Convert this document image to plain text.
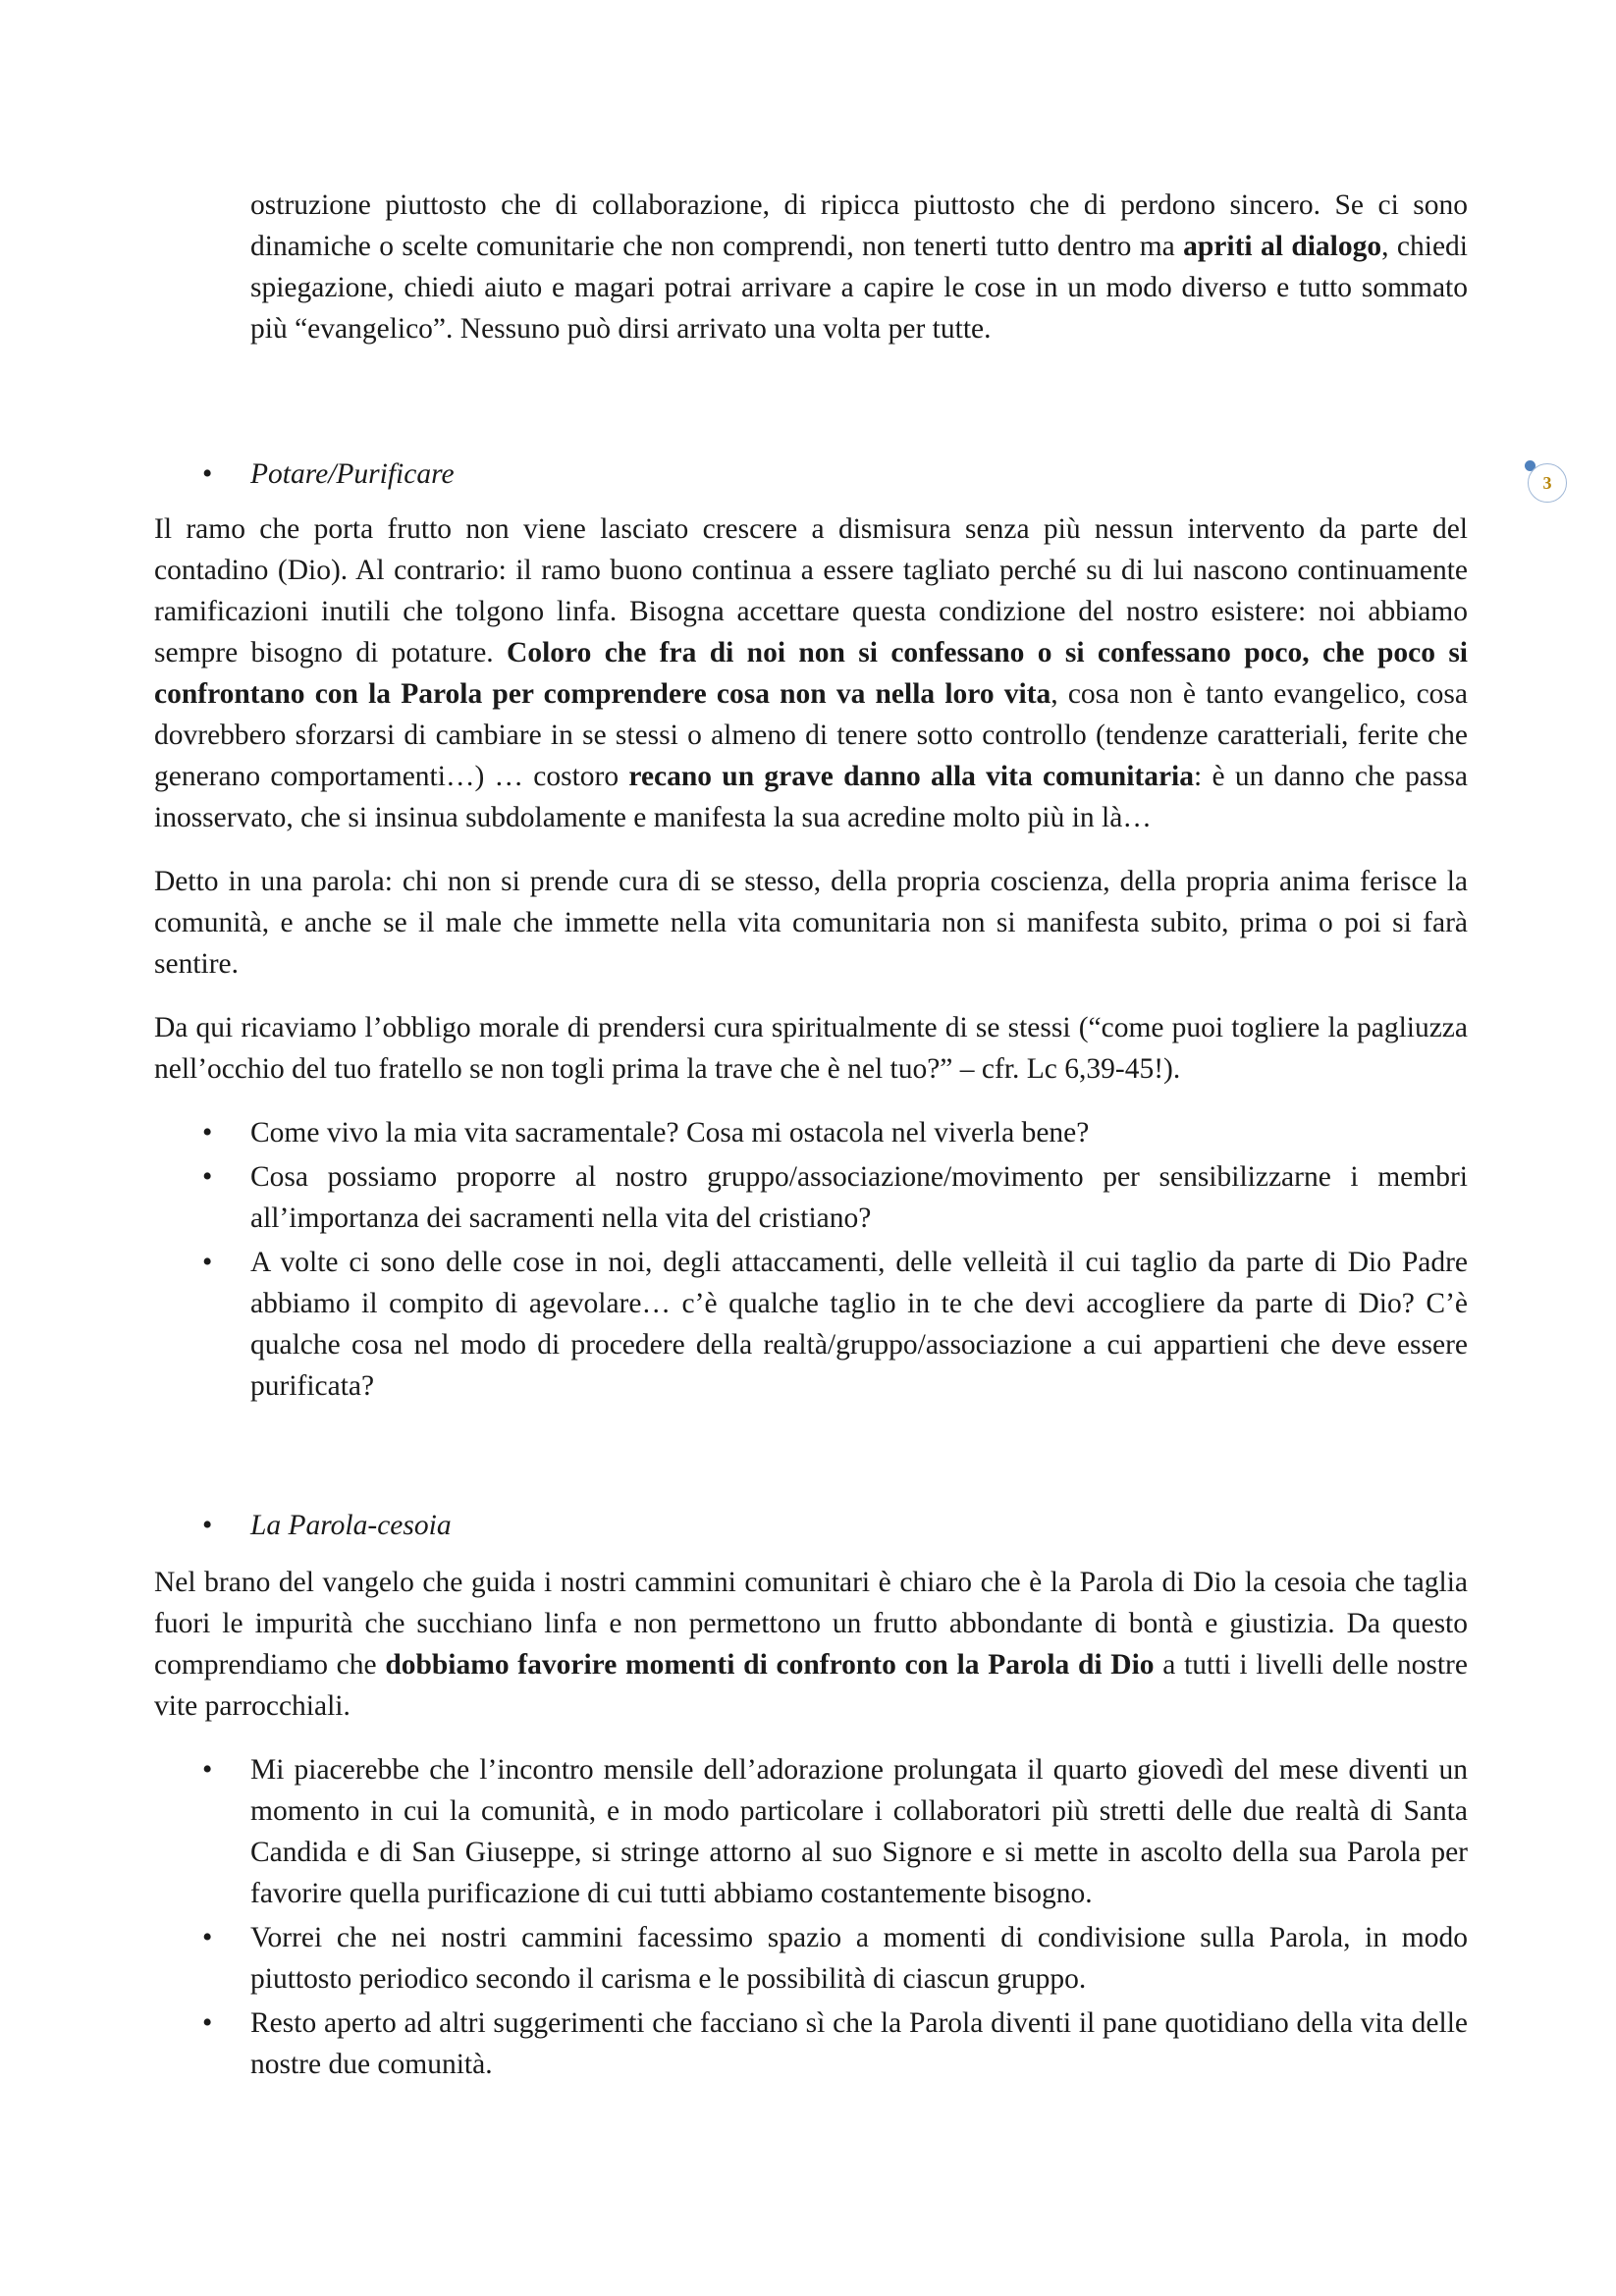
3

ostruzione piuttosto che di collaborazione, di ripicca piuttosto che di perdono sincero. Se ci sono dinamiche o scelte comunitarie che non comprendi, non tenerti tutto dentro ma apriti al dialogo, chiedi spiegazione, chiedi aiuto e magari potrai arrivare a capire le cose in un modo diverso e tutto sommato più “evangelico”. Nessuno può dirsi arrivato una volta per tutte.

• Potare/Purificare

Il ramo che porta frutto non viene lasciato crescere a dismisura senza più nessun intervento da parte del contadino (Dio). Al contrario: il ramo buono continua a essere tagliato perché su di lui nascono continuamente ramificazioni inutili che tolgono linfa. Bisogna accettare questa condizione del nostro esistere: noi abbiamo sempre bisogno di potature. Coloro che fra di noi non si confessano o si confessano poco, che poco si confrontano con la Parola per comprendere cosa non va nella loro vita, cosa non è tanto evangelico, cosa dovrebbero sforzarsi di cambiare in se stessi o almeno di tenere sotto controllo (tendenze caratteriali, ferite che generano comportamenti…) … costoro recano un grave danno alla vita comunitaria: è un danno che passa inosservato, che si insinua subdolamente e manifesta la sua acredine molto più in là…

Detto in una parola: chi non si prende cura di se stesso, della propria coscienza, della propria anima ferisce la comunità, e anche se il male che immette nella vita comunitaria non si manifesta subito, prima o poi si farà sentire.

Da qui ricaviamo l’obbligo morale di prendersi cura spiritualmente di se stessi (“come puoi togliere la pagliuzza nell’occhio del tuo fratello se non togli prima la trave che è nel tuo?” – cfr. Lc 6,39-45!).

• Come vivo la mia vita sacramentale? Cosa mi ostacola nel viverla bene?
• Cosa possiamo proporre al nostro gruppo/associazione/movimento per sensibilizzarne i membri all’importanza dei sacramenti nella vita del cristiano?
• A volte ci sono delle cose in noi, degli attaccamenti, delle velleità il cui taglio da parte di Dio Padre abbiamo il compito di agevolare… c’è qualche taglio in te che devi accogliere da parte di Dio? C’è qualche cosa nel modo di procedere della realtà/gruppo/associazione a cui appartieni che deve essere purificata?

• La Parola-cesoia

Nel brano del vangelo che guida i nostri cammini comunitari è chiaro che è la Parola di Dio la cesoia che taglia fuori le impurità che succhiano linfa e non permettono un frutto abbondante di bontà e giustizia. Da questo comprendiamo che dobbiamo favorire momenti di confronto con la Parola di Dio a tutti i livelli delle nostre vite parrocchiali.

• Mi piacerebbe che l’incontro mensile dell’adorazione prolungata il quarto giovedì del mese diventi un momento in cui la comunità, e in modo particolare i collaboratori più stretti delle due realtà di Santa Candida e di San Giuseppe, si stringe attorno al suo Signore e si mette in ascolto della sua Parola per favorire quella purificazione di cui tutti abbiamo costantemente bisogno.
• Vorrei che nei nostri cammini facessimo spazio a momenti di condivisione sulla Parola, in modo piuttosto periodico secondo il carisma e le possibilità di ciascun gruppo.
• Resto aperto ad altri suggerimenti che facciano sì che la Parola diventi il pane quotidiano della vita delle nostre due comunità.
